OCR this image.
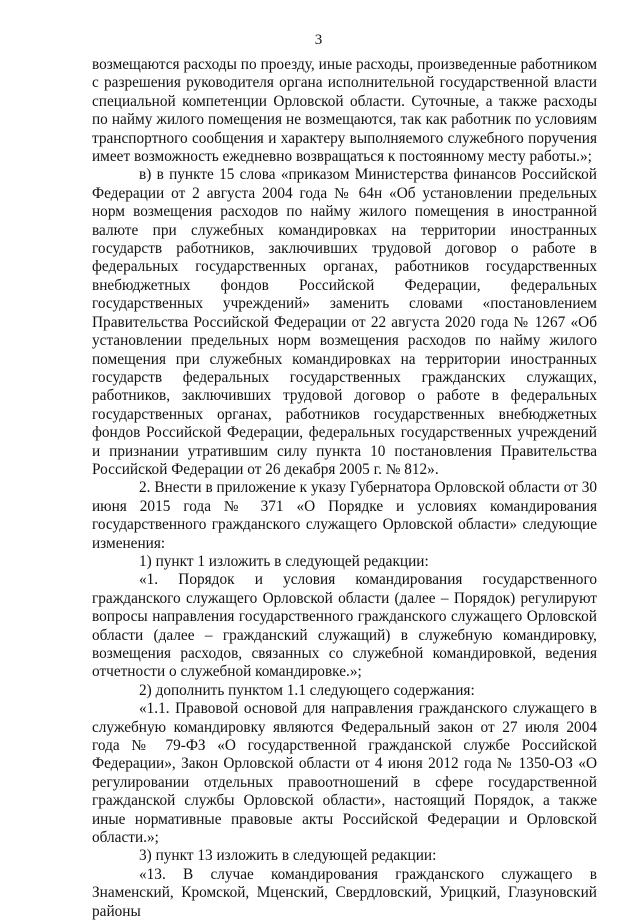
3

возмещаются расходы по проезду, иные расходы, произведенные работником с разрешения руководителя органа исполнительной государственной власти специальной компетенции Орловской области. Суточные, а также расходы по найму жилого помещения не возмещаются, так как работник по условиям транспортного сообщения и характеру выполняемого служебного поручения имеет возможность ежедневно возвращаться к постоянному месту работы.»;

в) в пункте 15 слова «приказом Министерства финансов Российской Федерации от 2 августа 2004 года № 64н «Об установлении предельных норм возмещения расходов по найму жилого помещения в иностранной валюте при служебных командировках на территории иностранных государств работников, заключивших трудовой договор о работе в федеральных государственных органах, работников государственных внебюджетных фондов Российской Федерации, федеральных государственных учреждений» заменить словами «постановлением Правительства Российской Федерации от 22 августа 2020 года № 1267 «Об установлении предельных норм возмещения расходов по найму жилого помещения при служебных командировках на территории иностранных государств федеральных государственных гражданских служащих, работников, заключивших трудовой договор о работе в федеральных государственных органах, работников государственных внебюджетных фондов Российской Федерации, федеральных государственных учреждений и признании утратившим силу пункта 10 постановления Правительства Российской Федерации от 26 декабря 2005 г. № 812».

2. Внести в приложение к указу Губернатора Орловской области от 30 июня 2015 года № 371 «О Порядке и условиях командирования государственного гражданского служащего Орловской области» следующие изменения:

1) пункт 1 изложить в следующей редакции:

«1. Порядок и условия командирования государственного гражданского служащего Орловской области (далее – Порядок) регулируют вопросы направления государственного гражданского служащего Орловской области (далее – гражданский служащий) в служебную командировку, возмещения расходов, связанных со служебной командировкой, ведения отчетности о служебной командировке.»;

2) дополнить пунктом 1.1 следующего содержания:

«1.1. Правовой основой для направления гражданского служащего в служебную командировку являются Федеральный закон от 27 июля 2004 года № 79-ФЗ «О государственной гражданской службе Российской Федерации», Закон Орловской области от 4 июня 2012 года № 1350-ОЗ «О регулировании отдельных правоотношений в сфере государственной гражданской службы Орловской области», настоящий Порядок, а также иные нормативные правовые акты Российской Федерации и Орловской области.»;

3) пункт 13 изложить в следующей редакции:

«13. В случае командирования гражданского служащего в Знаменский, Кромской, Мценский, Свердловский, Урицкий, Глазуновский районы
